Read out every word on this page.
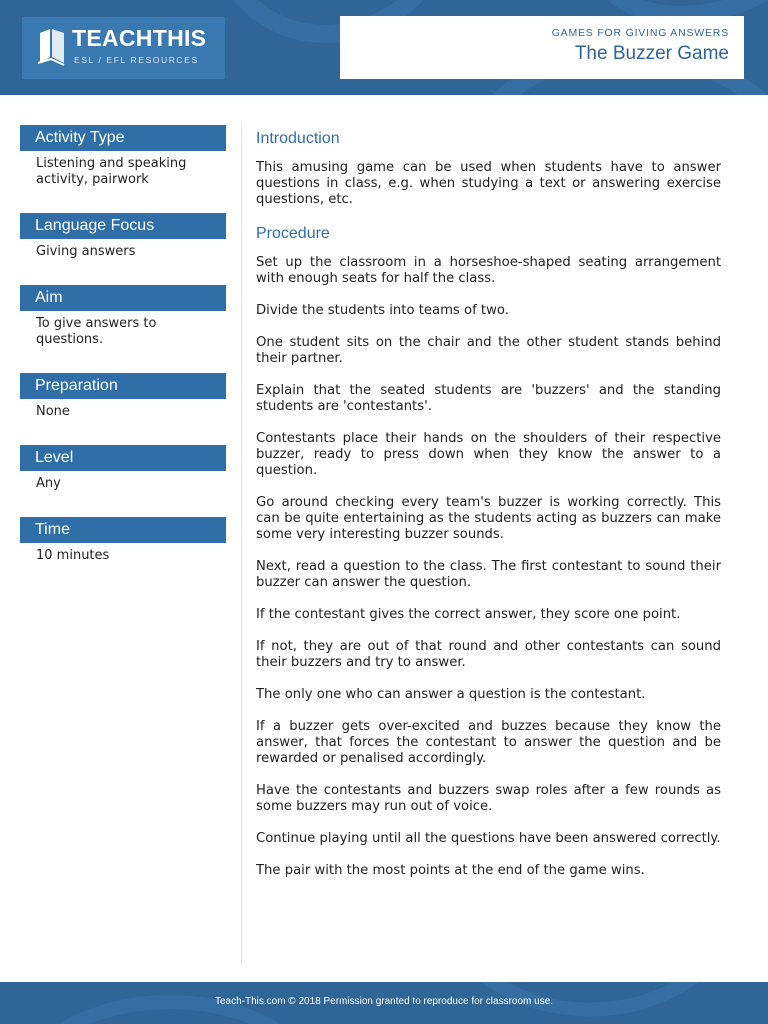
TEACHTHIS
ESL / EFL RESOURCES
GAMES FOR GIVING ANSWERS
The Buzzer Game
Activity Type
Listening and speaking activity, pairwork
Language Focus
Giving answers
Aim
To give answers to questions.
Preparation
None
Level
Any
Time
10 minutes
Introduction

This amusing game can be used when students have to answer questions in class, e.g. when studying a text or answering exercise questions, etc.

Procedure

Set up the classroom in a horseshoe-shaped seating arrangement with enough seats for half the class.

Divide the students into teams of two.

One student sits on the chair and the other student stands behind their partner.

Explain that the seated students are 'buzzers' and the standing students are 'contestants'.

Contestants place their hands on the shoulders of their respective buzzer, ready to press down when they know the answer to a question.

Go around checking every team's buzzer is working correctly. This can be quite entertaining as the students acting as buzzers can make some very interesting buzzer sounds.

Next, read a question to the class. The first contestant to sound their buzzer can answer the question.

If the contestant gives the correct answer, they score one point.

If not, they are out of that round and other contestants can sound their buzzers and try to answer.

The only one who can answer a question is the contestant.

If a buzzer gets over-excited and buzzes because they know the answer, that forces the contestant to answer the question and be rewarded or penalised accordingly.

Have the contestants and buzzers swap roles after a few rounds as some buzzers may run out of voice.

Continue playing until all the questions have been answered correctly.

The pair with the most points at the end of the game wins.

Teach-This.com © 2018 Permission granted to reproduce for classroom use.
